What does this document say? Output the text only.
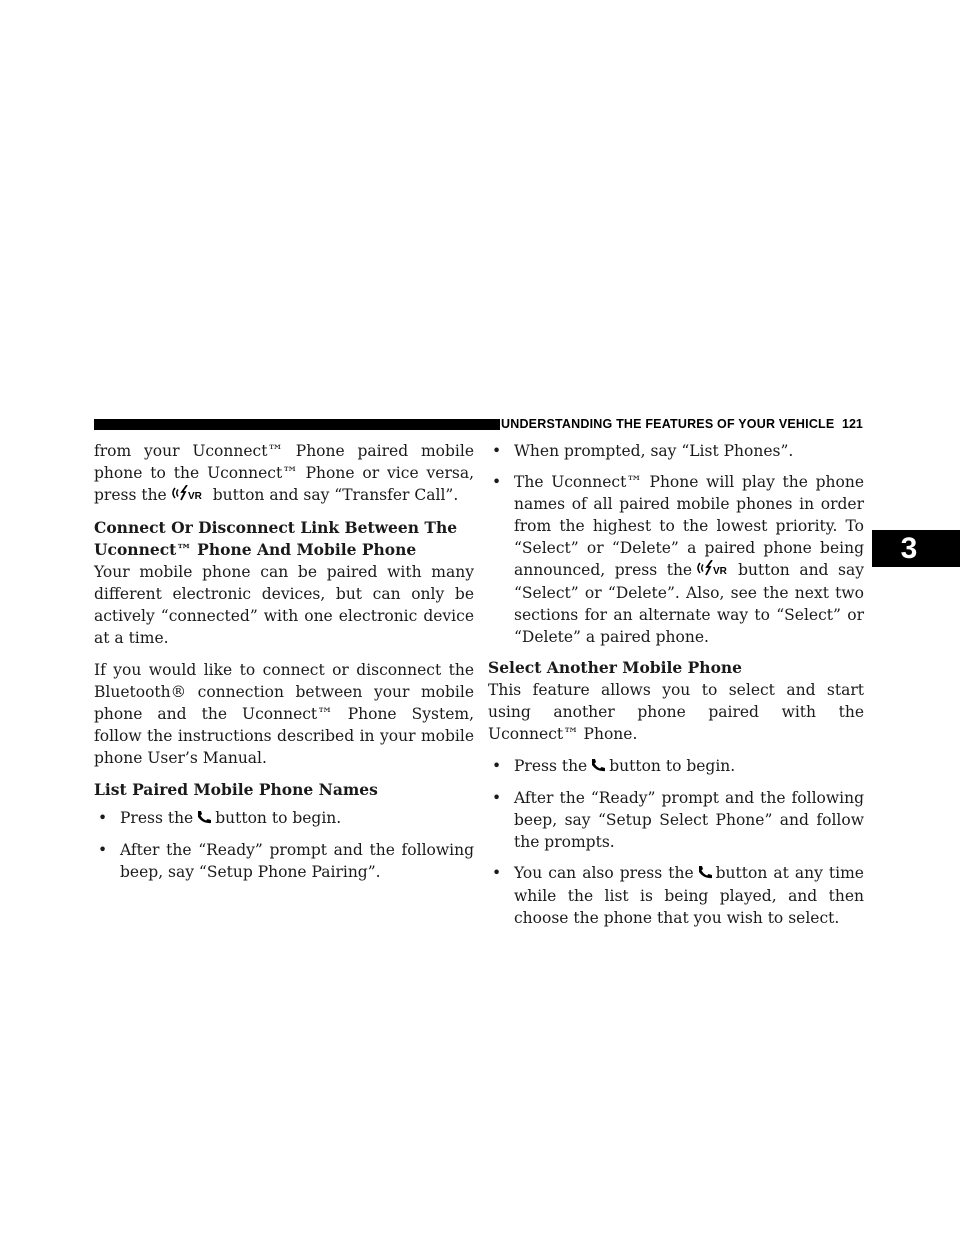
UNDERSTANDING THE FEATURES OF YOUR VEHICLE 121
3

from your Uconnect™ Phone paired mobile phone to the Uconnect™ Phone or vice versa, press the VR button and say “Transfer Call”.

Connect Or Disconnect Link Between The
Uconnect™ Phone And Mobile Phone

Your mobile phone can be paired with many different electronic devices, but can only be actively “connected” with one electronic device at a time.

If you would like to connect or disconnect the Bluetooth® connection between your mobile phone and the Uconnect™ Phone System, follow the instructions described in your mobile phone User’s Manual.

List Paired Mobile Phone Names
• Press the button to begin.
• After the “Ready” prompt and the following beep, say “Setup Phone Pairing”.
• When prompted, say “List Phones”.
• The Uconnect™ Phone will play the phone names of all paired mobile phones in order from the highest to the lowest priority. To “Select” or “Delete” a paired phone being announced, press the VR button and say “Select” or “Delete”. Also, see the next two sections for an alternate way to “Select” or “Delete” a paired phone.
Select Another Mobile Phone

This feature allows you to select and start using another phone paired with the Uconnect™ Phone.

• Press the button to begin.
• After the “Ready” prompt and the following beep, say “Setup Select Phone” and follow the prompts.
• You can also press the button at any time while the list is being played, and then choose the phone that you wish to select.
